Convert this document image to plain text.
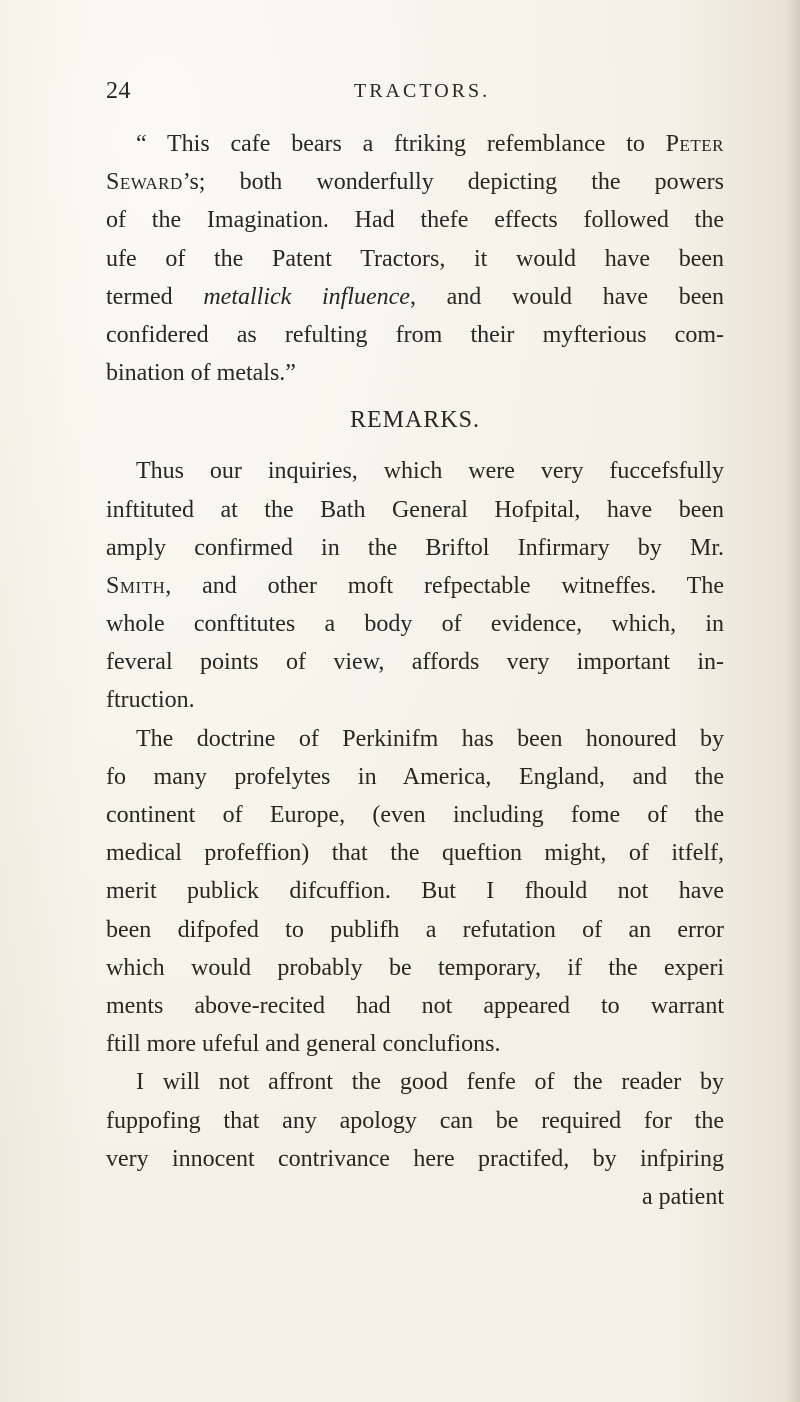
24	TRACTORS.
“ This cafe bears a ftriking refemblance to Peter
Seward’s; both wonderfully depicting the powers
of the Imagination. Had thefe effects followed the
ufe of the Patent Tractors, it would have been
termed metallick influence, and would have been
confidered as refulting from their myfterious com-
bination of metals.”
REMARKS.
Thus our inquiries, which were very fuccefsfully
inftituted at the Bath General Hofpital, have been
amply confirmed in the Briftol Infirmary by Mr.
Smith, and other moft refpectable witneffes. The
whole conftitutes a body of evidence, which, in
feveral points of view, affords very important in-
ftruction.
The doctrine of Perkinifm has been honoured by
fo many profelytes in America, England, and the
continent of Europe, (even including fome of the
medical profeffion) that the queftion might, of itfelf,
merit publick difcuffion. But I fhould not have
been difpofed to publifh a refutation of an error
which would probably be temporary, if the experi
ments above-recited had not appeared to warrant
ftill more ufeful and general conclufions.
I will not affront the good fenfe of the reader by
fuppofing that any apology can be required for the
very innocent contrivance here practifed, by infpiring
a patient
